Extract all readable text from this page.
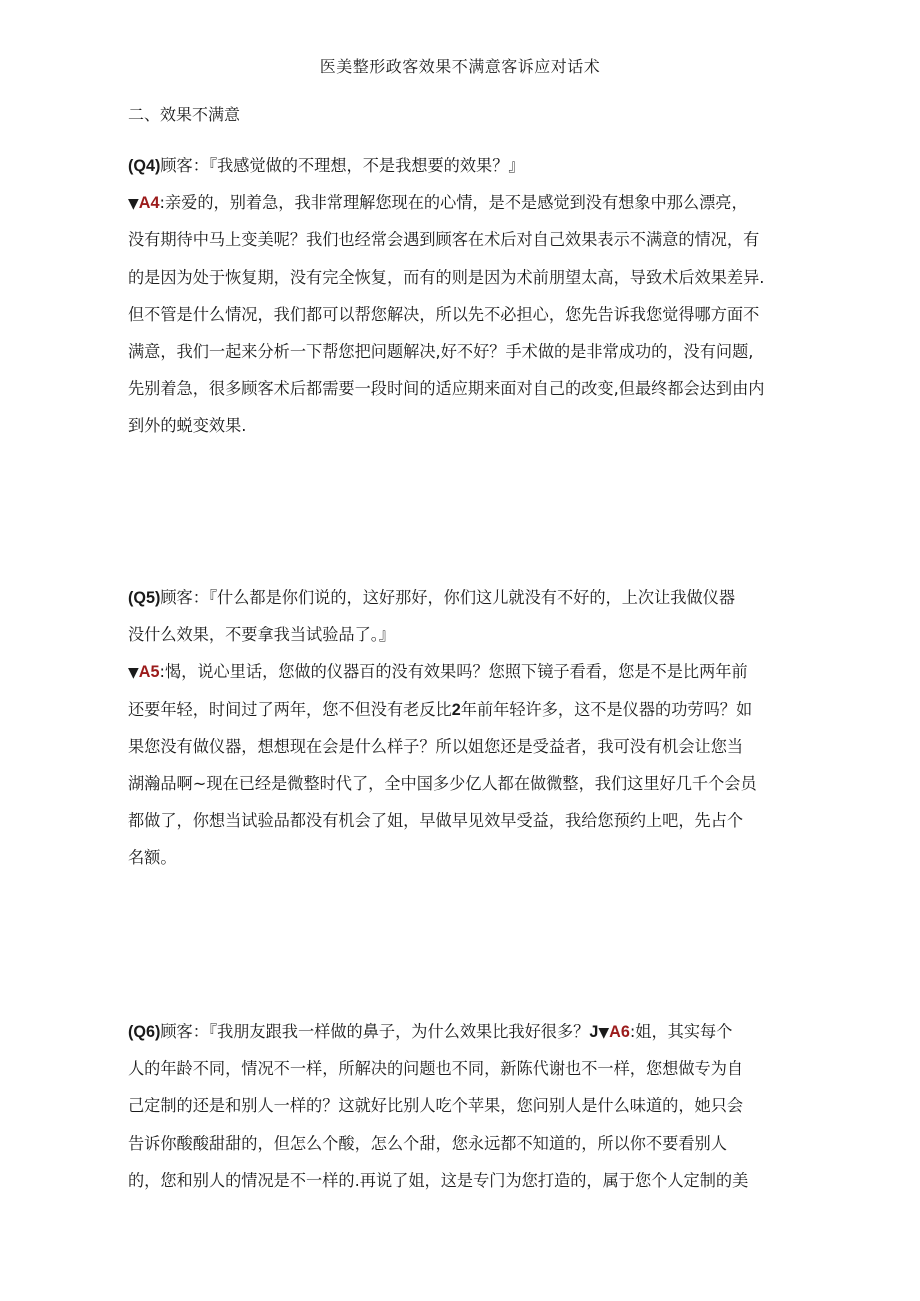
医美整形政客效果不满意客诉应对话术
二、效果不满意
(Q4)顾客：『我感觉做的不理想，不是我想要的效果？』
▼A4:亲爱的，别着急，我非常理解您现在的心情，是不是感觉到没有想象中那么漂亮，
没有期待中马上变美呢？我们也经常会遇到顾客在术后对自己效果表示不满意的情况，有
的是因为处于恢复期，没有完全恢复，而有的则是因为术前朋望太高，导致术后效果差异.
但不管是什么情况，我们都可以帮您解决，所以先不必担心，您先告诉我您觉得哪方面不
满意，我们一起来分析一下帮您把问题解决,好不好？手术做的是非常成功的，没有问题,
先别着急，很多顾客术后都需要一段时间的适应期来面对自己的改变,但最终都会达到由内
到外的蜕变效果.
(Q5)顾客：『什么都是你们说的，这好那好，你们这儿就没有不好的，上次让我做仪器
没什么效果，不要拿我当试验品了。』
▼A5:愒，说心里话，您做的仪器百的没有效果吗？您照下镜子看看，您是不是比两年前
还要年轻，时间过了两年，您不但没有老反比2年前年轻许多，这不是仪器的功劳吗？如
果您没有做仪器，想想现在会是什么样子？所以姐您还是受益者，我可没有机会让您当
湖瀚品啊~现在已经是微整时代了，全中国多少亿人都在做微整，我们这里好几千个会员
都做了，你想当试验品都没有机会了姐，早做早见效早受益，我给您预约上吧，先占个
名额。
(Q6)顾客：『我朋友跟我一样做的鼻子，为什么效果比我好很多？J▼A6:姐，其实每个
人的年龄不同，情况不一样，所解决的问题也不同，新陈代谢也不一样，您想做专为自
己定制的还是和别人一样的？这就好比别人吃个苹果，您问别人是什么味道的，她只会
告诉你酸酸甜甜的，但怎么个酸，怎么个甜，您永远都不知道的，所以你不要看别人
的，您和别人的情况是不一样的.再说了姐，这是专门为您打造的，属于您个人定制的美
